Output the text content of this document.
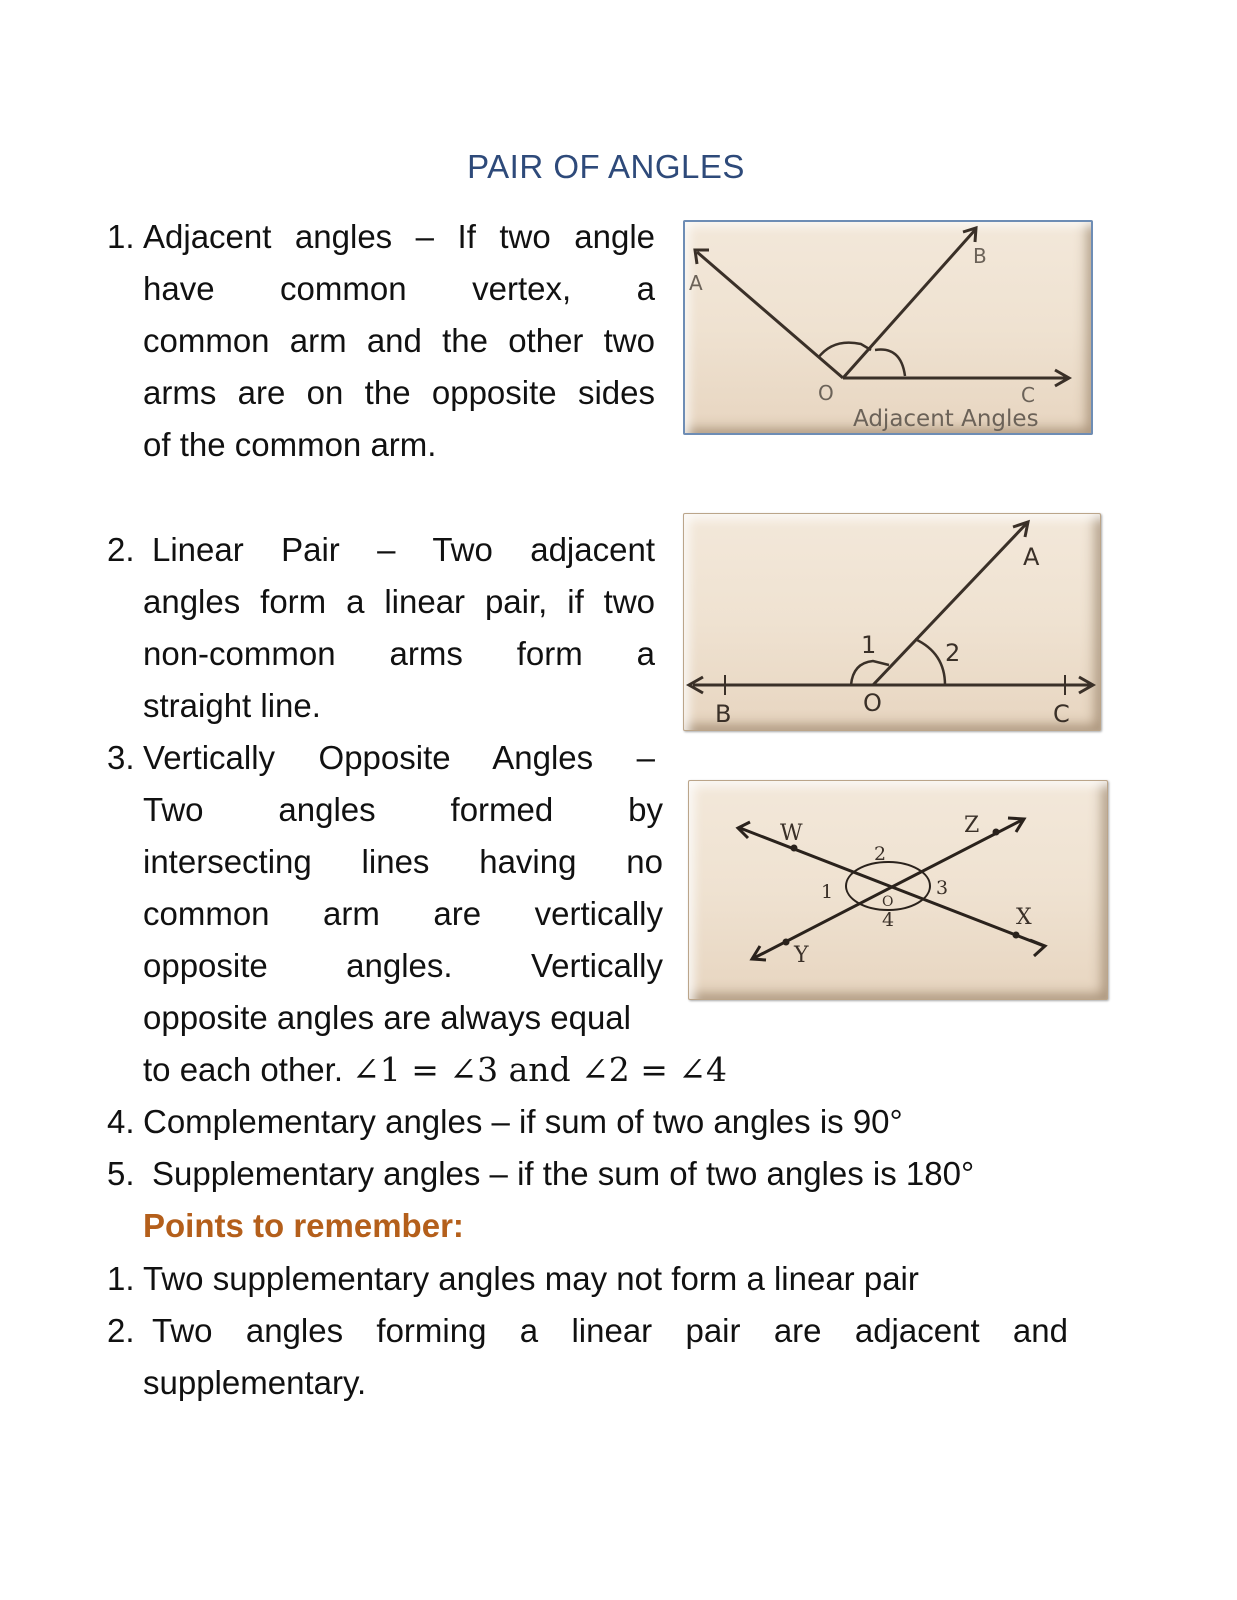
PAIR OF ANGLES
1. Adjacent angles – If two angle
have common vertex, a
common arm and the other two
arms are on the opposite sides
of the common arm.
A
B
O	C
Adjacent Angles
2. Linear Pair – Two adjacent
angles form a linear pair, if two
non-common arms form a
straight line.
A
B	O	C
1	2
3. Vertically Opposite Angles –
Two angles formed by
intersecting lines having no
common arm are vertically
opposite angles. Vertically
opposite angles are always equal
to each other. ∠1 = ∠3 and ∠2 = ∠4
W	Z
X
Y
1
2
3
4
O
4. Complementary angles – if sum of two angles is 90°
5. Supplementary angles – if the sum of two angles is 180°
Points to remember:
1. Two supplementary angles may not form a linear pair
2. Two angles forming a linear pair are adjacent and
supplementary.
